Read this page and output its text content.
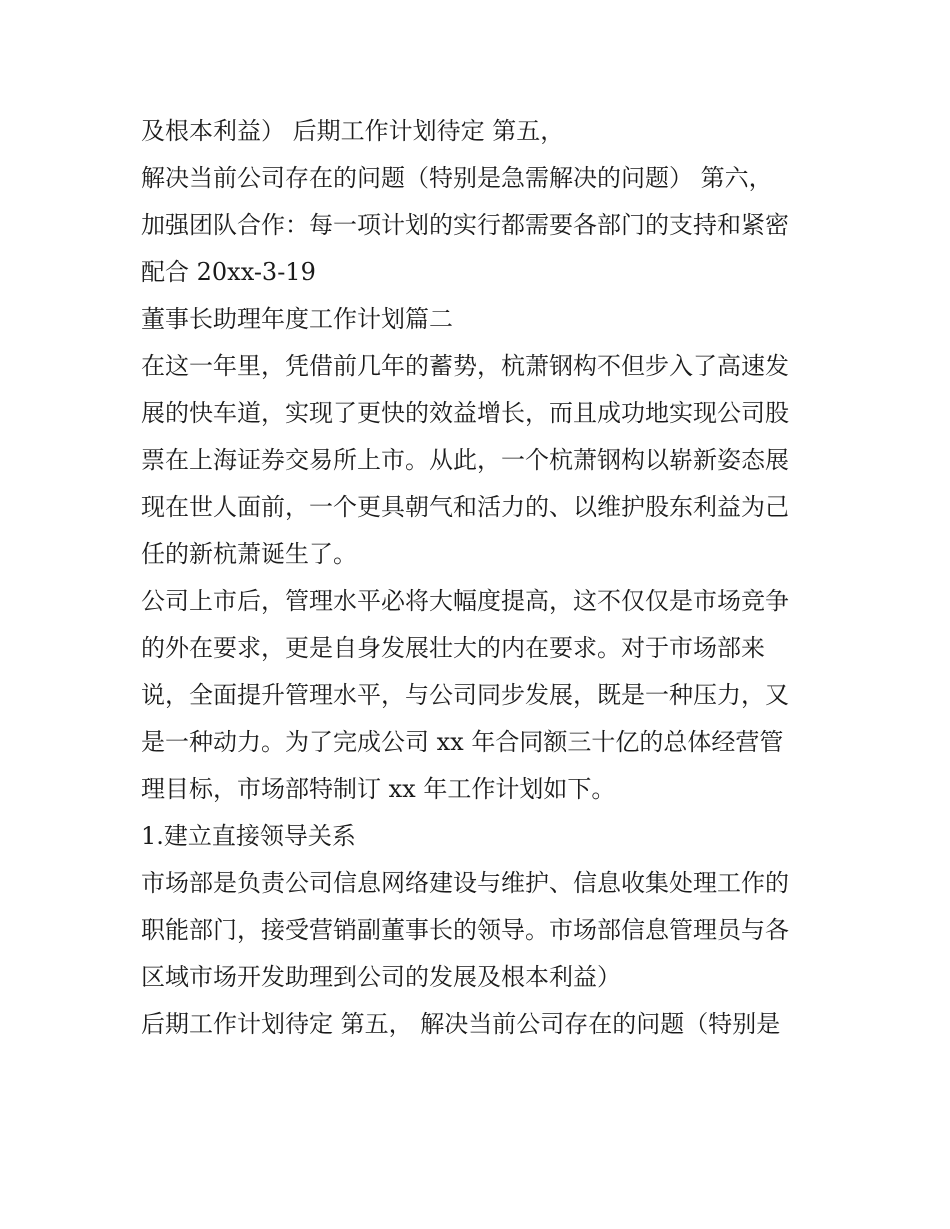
及根本利益） 后期工作计划待定 第五，
解决当前公司存在的问题（特别是急需解决的问题） 第六，
加强团队合作：每一项计划的实行都需要各部门的支持和紧密
配合 20xx-3-19
董事长助理年度工作计划篇二
在这一年里，凭借前几年的蓄势，杭萧钢构不但步入了高速发
展的快车道，实现了更快的效益增长，而且成功地实现公司股
票在上海证券交易所上市。从此，一个杭萧钢构以崭新姿态展
现在世人面前，一个更具朝气和活力的、以维护股东利益为己
任的新杭萧诞生了。
公司上市后，管理水平必将大幅度提高，这不仅仅是市场竞争
的外在要求，更是自身发展壮大的内在要求。对于市场部来
说，全面提升管理水平，与公司同步发展，既是一种压力，又
是一种动力。为了完成公司 xx 年合同额三十亿的总体经营管
理目标，市场部特制订 xx 年工作计划如下。
1.建立直接领导关系
市场部是负责公司信息网络建设与维护、信息收集处理工作的
职能部门，接受营销副董事长的领导。市场部信息管理员与各
区域市场开发助理到公司的发展及根本利益）
后期工作计划待定 第五， 解决当前公司存在的问题（特别是
